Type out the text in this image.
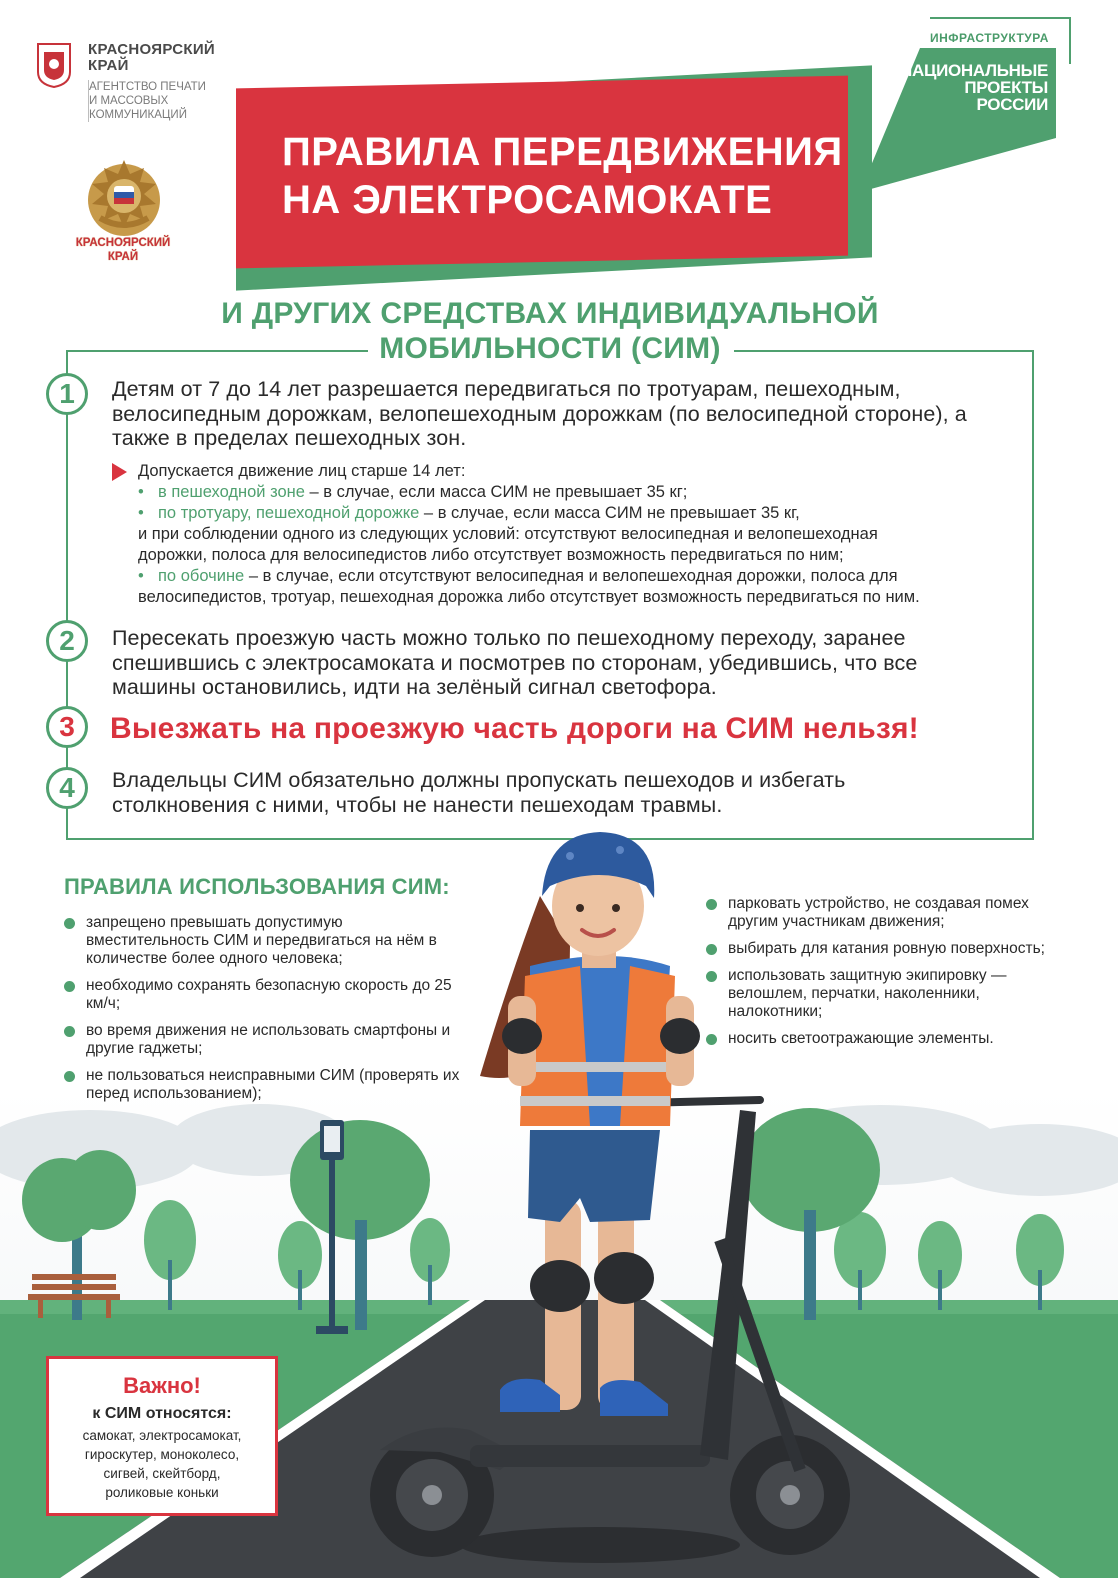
КРАСНОЯРСКИЙ
КРАЙ
АГЕНТСТВО ПЕЧАТИ
И МАССОВЫХ
КОММУНИКАЦИЙ
КРАСНОЯРСКИЙ
КРАЙ
ИНФРАСТРУКТУРА
НАЦИОНАЛЬНЫЕ
ПРОЕКТЫ
РОССИИ
ПРАВИЛА ПЕРЕДВИЖЕНИЯ
НА ЭЛЕКТРОСАМОКАТЕ
И ДРУГИХ СРЕДСТВАХ ИНДИВИДУАЛЬНОЙ
МОБИЛЬНОСТИ (СИМ)
1	Детям от 7 до 14 лет разрешается передвигаться по тротуарам, пешеходным, велосипедным дорожкам, велопешеходным дорожкам (по велосипедной стороне), а также в пределах пешеходных зон.
Допускается движение лиц старше 14 лет:
• в пешеходной зоне – в случае, если масса СИМ не превышает 35 кг;
• по тротуару, пешеходной дорожке – в случае, если масса СИМ не превышает 35 кг,
и при соблюдении одного из следующих условий: отсутствуют велосипедная и велопешеходная
дорожки, полоса для велосипедистов либо отсутствует возможность передвигаться по ним;
• по обочине – в случае, если отсутствуют велосипедная и велопешеходная дорожки, полоса для
велосипедистов, тротуар, пешеходная дорожка либо отсутствует возможность передвигаться по ним.
2	Пересекать проезжую часть можно только по пешеходному переходу, заранее спешившись с электросамоката и посмотрев по сторонам, убедившись, что все машины остановились, идти на зелёный сигнал светофора.
3	Выезжать на проезжую часть дороги на СИМ нельзя!
4	Владельцы СИМ обязательно должны пропускать пешеходов и избегать столкновения с ними, чтобы не нанести пешеходам травмы.
ПРАВИЛА ИСПОЛЬЗОВАНИЯ СИМ:
запрещено превышать допустимую вместительность СИМ и передвигаться на нём в количестве более одного человека;
необходимо сохранять безопасную скорость до 25 км/ч;
во время движения не использовать смартфоны и другие гаджеты;
не пользоваться неисправными СИМ (проверять их перед использованием);
парковать устройство, не создавая помех другим участникам движения;
выбирать для катания ровную поверхность;
использовать защитную экипировку — велошлем, перчатки, наколенники, налокотники;
носить светоотражающие элементы.
Важно!
к СИМ относятся:
самокат, электросамокат,
гироскутер, моноколесо,
сигвей, скейтборд,
роликовые коньки
